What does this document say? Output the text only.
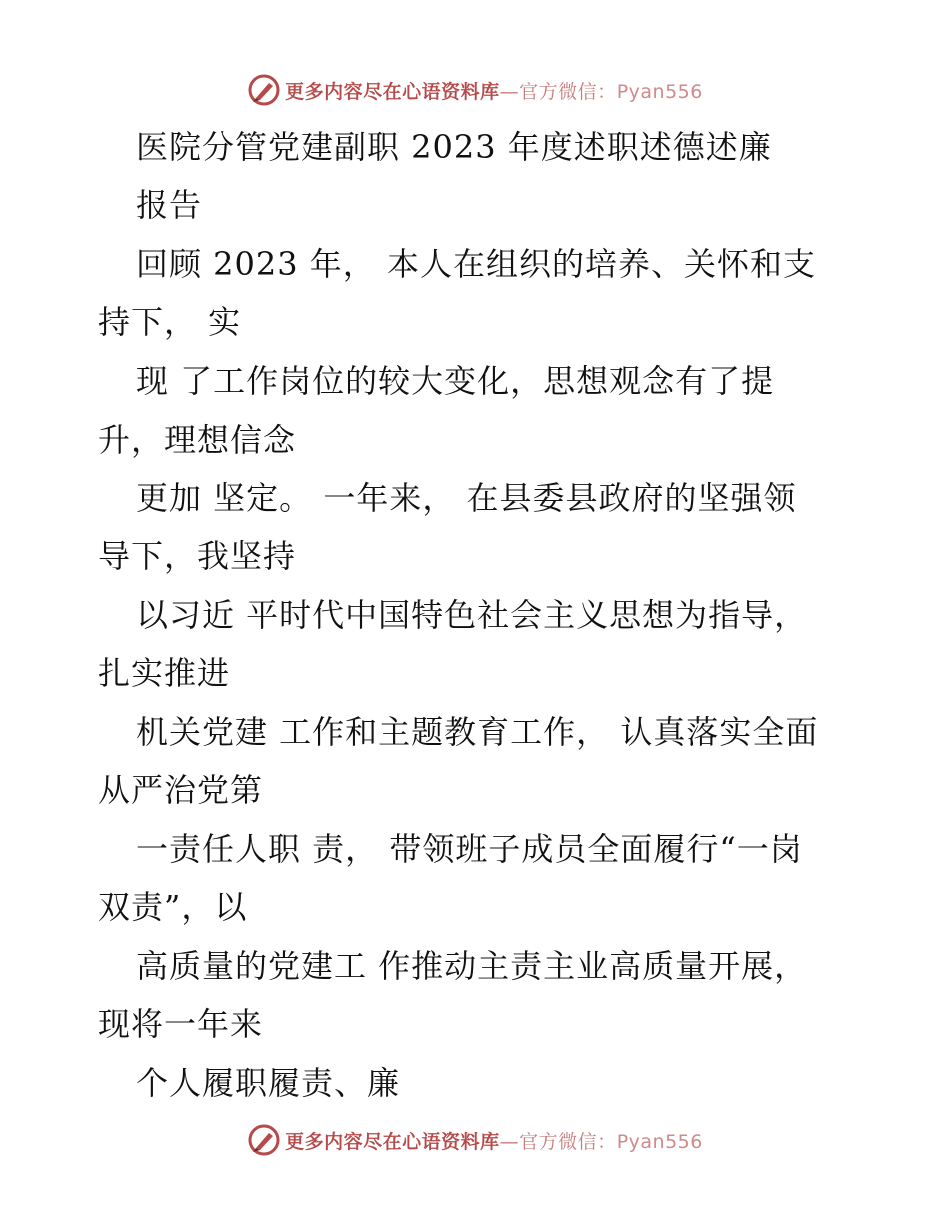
更多内容尽在心语资料库—官方微信：Pyan556

医院分管党建副职 2023 年度述职述德述廉

报告

回顾 2023 年， 本人在组织的培养、关怀和支

持下， 实

现 了工作岗位的较大变化，思想观念有了提

升，理想信念

更加 坚定。 一年来， 在县委县政府的坚强领

导下，我坚持

以习近 平时代中国特色社会主义思想为指导，

扎实推进

机关党建 工作和主题教育工作， 认真落实全面

从严治党第

一责任人职 责， 带领班子成员全面履行“一岗

双责”，以

高质量的党建工 作推动主责主业高质量开展，

现将一年来

个人履职履责、廉

更多内容尽在心语资料库—官方微信：Pyan556
